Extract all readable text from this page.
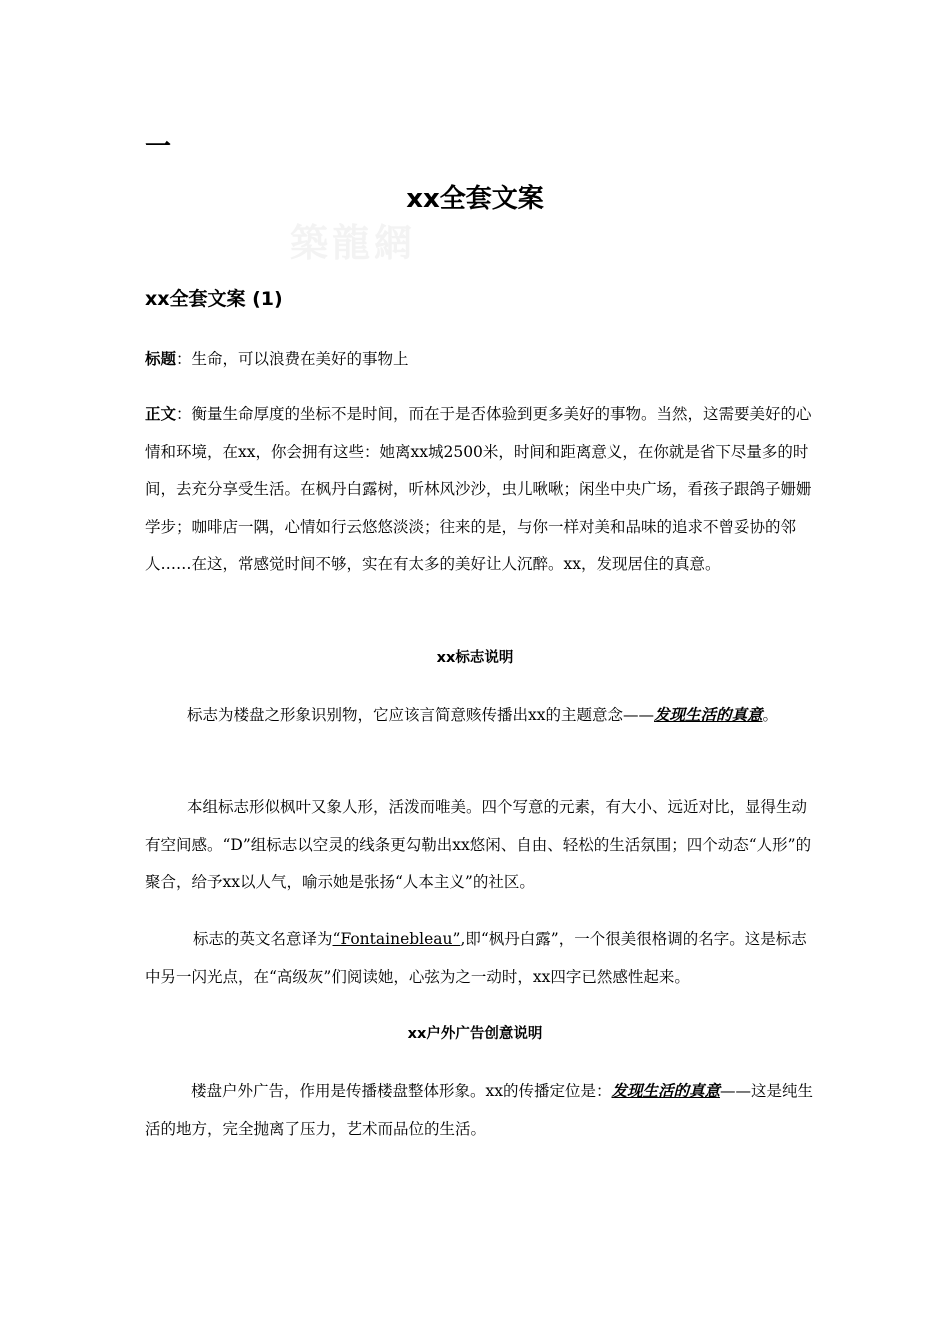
一
築龍網
xx全套文案
xx全套文案 (1)

标题：生命，可以浪费在美好的事物上

正文：衡量生命厚度的坐标不是时间，而在于是否体验到更多美好的事物。当然，这需要美好的心情和环境，在xx，你会拥有这些：她离xx城2500米，时间和距离意义，在你就是省下尽量多的时间，去充分享受生活。在枫丹白露树，听林风沙沙，虫儿啾啾；闲坐中央广场，看孩子跟鸽子姗姗学步；咖啡店一隅，心情如行云悠悠淡淡；往来的是，与你一样对美和品味的追求不曾妥协的邻人……在这，常感觉时间不够，实在有太多的美好让人沉醉。xx，发现居住的真意。

xx标志说明

标志为楼盘之形象识别物，它应该言简意赅传播出xx的主题意念——发现生活的真意。

本组标志形似枫叶又象人形，活泼而唯美。四个写意的元素，有大小、远近对比，显得生动有空间感。“D”组标志以空灵的线条更勾勒出xx悠闲、自由、轻松的生活氛围；四个动态“人形”的聚合，给予xx以人气，喻示她是张扬“人本主义”的社区。

标志的英文名意译为“Fontainebleau”,即“枫丹白露”，一个很美很格调的名字。这是标志中另一闪光点，在“高级灰”们阅读她，心弦为之一动时，xx四字已然感性起来。

xx户外广告创意说明

楼盘户外广告，作用是传播楼盘整体形象。xx的传播定位是：发现生活的真意——这是纯生活的地方，完全抛离了压力，艺术而品位的生活。
